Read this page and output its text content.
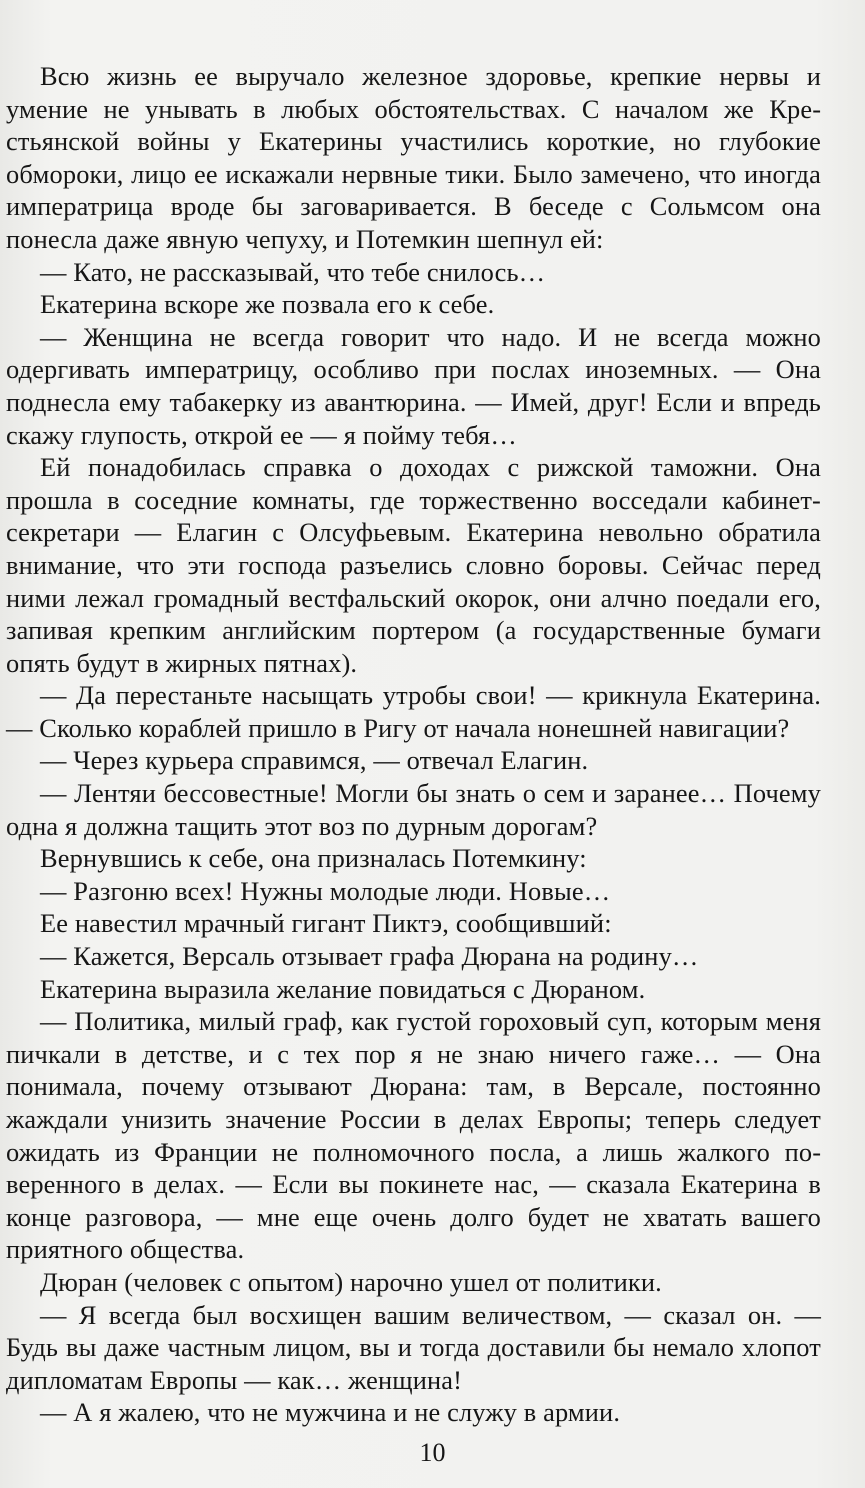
Всю жизнь ее выручало железное здоровье, крепкие нервы и умение не унывать в любых обстоятельствах. С началом же Крестьянской войны у Екатерины участились короткие, но глубокие обмороки, лицо ее искажали нервные тики. Было замечено, что иногда императрица вроде бы заговаривается. В беседе с Сольмсом она понесла даже явную чепуху, и Потемкин шепнул ей:

— Като, не рассказывай, что тебе снилось…

Екатерина вскоре же позвала его к себе.

— Женщина не всегда говорит что надо. И не всегда можно одергивать императрицу, особливо при послах иноземных. — Она поднесла ему табакерку из авантюрина. — Имей, друг! Если и впредь скажу глупость, открой ее — я пойму тебя…

Ей понадобилась справка о доходах с рижской таможни. Она прошла в соседние комнаты, где торжественно восседали кабинет-секретари — Елагин с Олсуфьевым. Екатерина невольно обратила внимание, что эти господа разъелись словно боровы. Сейчас перед ними лежал громадный вестфальский окорок, они алчно поедали его, запивая крепким английским портером (а государственные бумаги опять будут в жирных пятнах).

— Да перестаньте насыщать утробы свои! — крикнула Екатерина. — Сколько кораблей пришло в Ригу от начала нонешней навигации?

— Через курьера справимся, — отвечал Елагин.

— Лентяи бессовестные! Могли бы знать о сем и заранее… Почему одна я должна тащить этот воз по дурным дорогам?

Вернувшись к себе, она призналась Потемкину:

— Разгоню всех! Нужны молодые люди. Новые…

Ее навестил мрачный гигант Пиктэ, сообщивший:

— Кажется, Версаль отзывает графа Дюрана на родину…

Екатерина выразила желание повидаться с Дюраном.

— Политика, милый граф, как густой гороховый суп, которым меня пичкали в детстве, и с тех пор я не знаю ничего гаже… — Она понимала, почему отзывают Дюрана: там, в Версале, постоянно жаждали унизить значение России в делах Европы; теперь следует ожидать из Франции не полномочного посла, а лишь жалкого поверенного в делах. — Если вы покинете нас, — сказала Екатерина в конце разговора, — мне еще очень долго будет не хватать вашего приятного общества.

Дюран (человек с опытом) нарочно ушел от политики.

— Я всегда был восхищен вашим величеством, — сказал он. — Будь вы даже частным лицом, вы и тогда доставили бы немало хлопот дипломатам Европы — как… женщина!

— А я жалею, что не мужчина и не служу в армии.

10
